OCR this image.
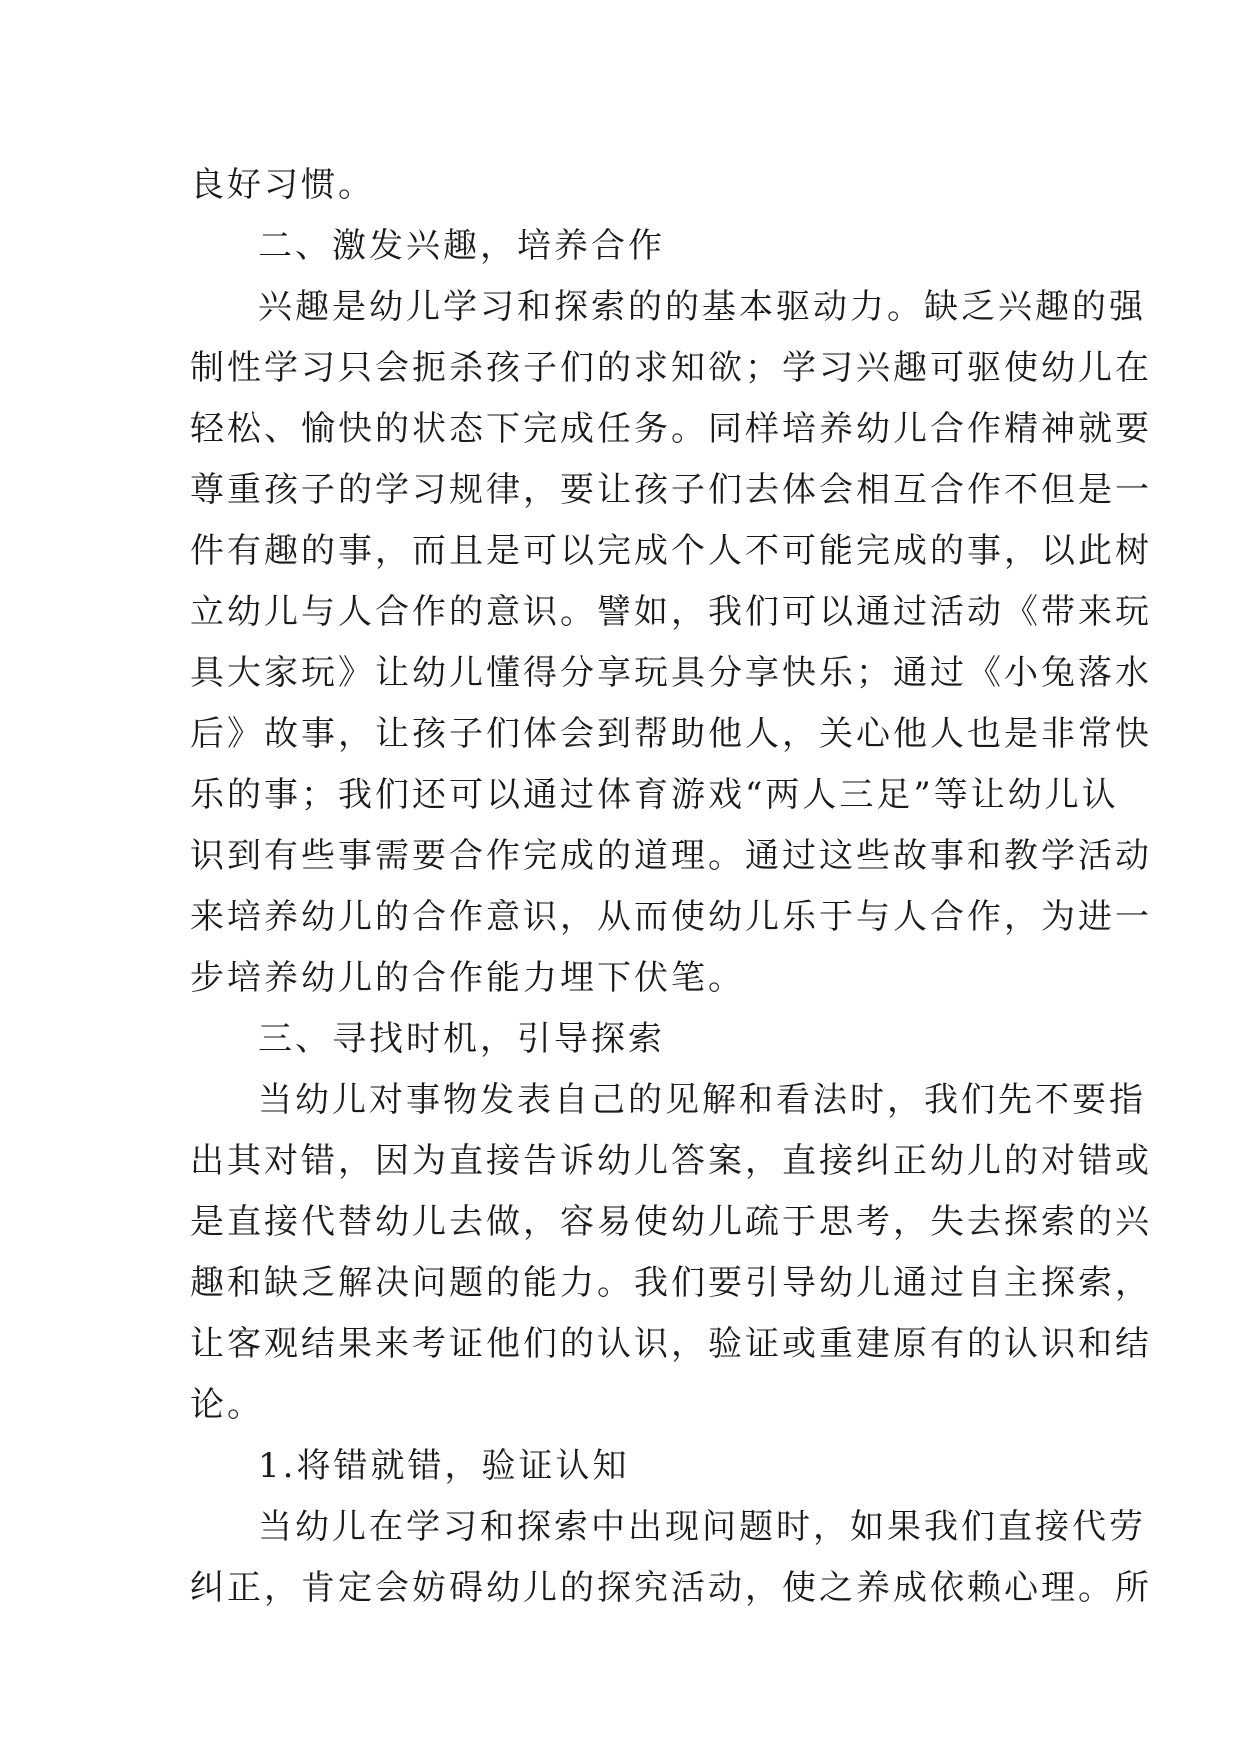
良好习惯。
二、激发兴趣，培养合作
兴趣是幼儿学习和探索的的基本驱动力。缺乏兴趣的强
制性学习只会扼杀孩子们的求知欲；学习兴趣可驱使幼儿在
轻松、愉快的状态下完成任务。同样培养幼儿合作精神就要
尊重孩子的学习规律，要让孩子们去体会相互合作不但是一
件有趣的事，而且是可以完成个人不可能完成的事，以此树
立幼儿与人合作的意识。譬如，我们可以通过活动《带来玩
具大家玩》让幼儿懂得分享玩具分享快乐；通过《小兔落水
后》故事，让孩子们体会到帮助他人，关心他人也是非常快
乐的事；我们还可以通过体育游戏“两人三足”等让幼儿认
识到有些事需要合作完成的道理。通过这些故事和教学活动
来培养幼儿的合作意识，从而使幼儿乐于与人合作，为进一
步培养幼儿的合作能力埋下伏笔。
三、寻找时机，引导探索
当幼儿对事物发表自己的见解和看法时，我们先不要指
出其对错，因为直接告诉幼儿答案，直接纠正幼儿的对错或
是直接代替幼儿去做，容易使幼儿疏于思考，失去探索的兴
趣和缺乏解决问题的能力。我们要引导幼儿通过自主探索，
让客观结果来考证他们的认识，验证或重建原有的认识和结
论。
1.将错就错，验证认知
当幼儿在学习和探索中出现问题时，如果我们直接代劳
纠正，肯定会妨碍幼儿的探究活动，使之养成依赖心理。所
